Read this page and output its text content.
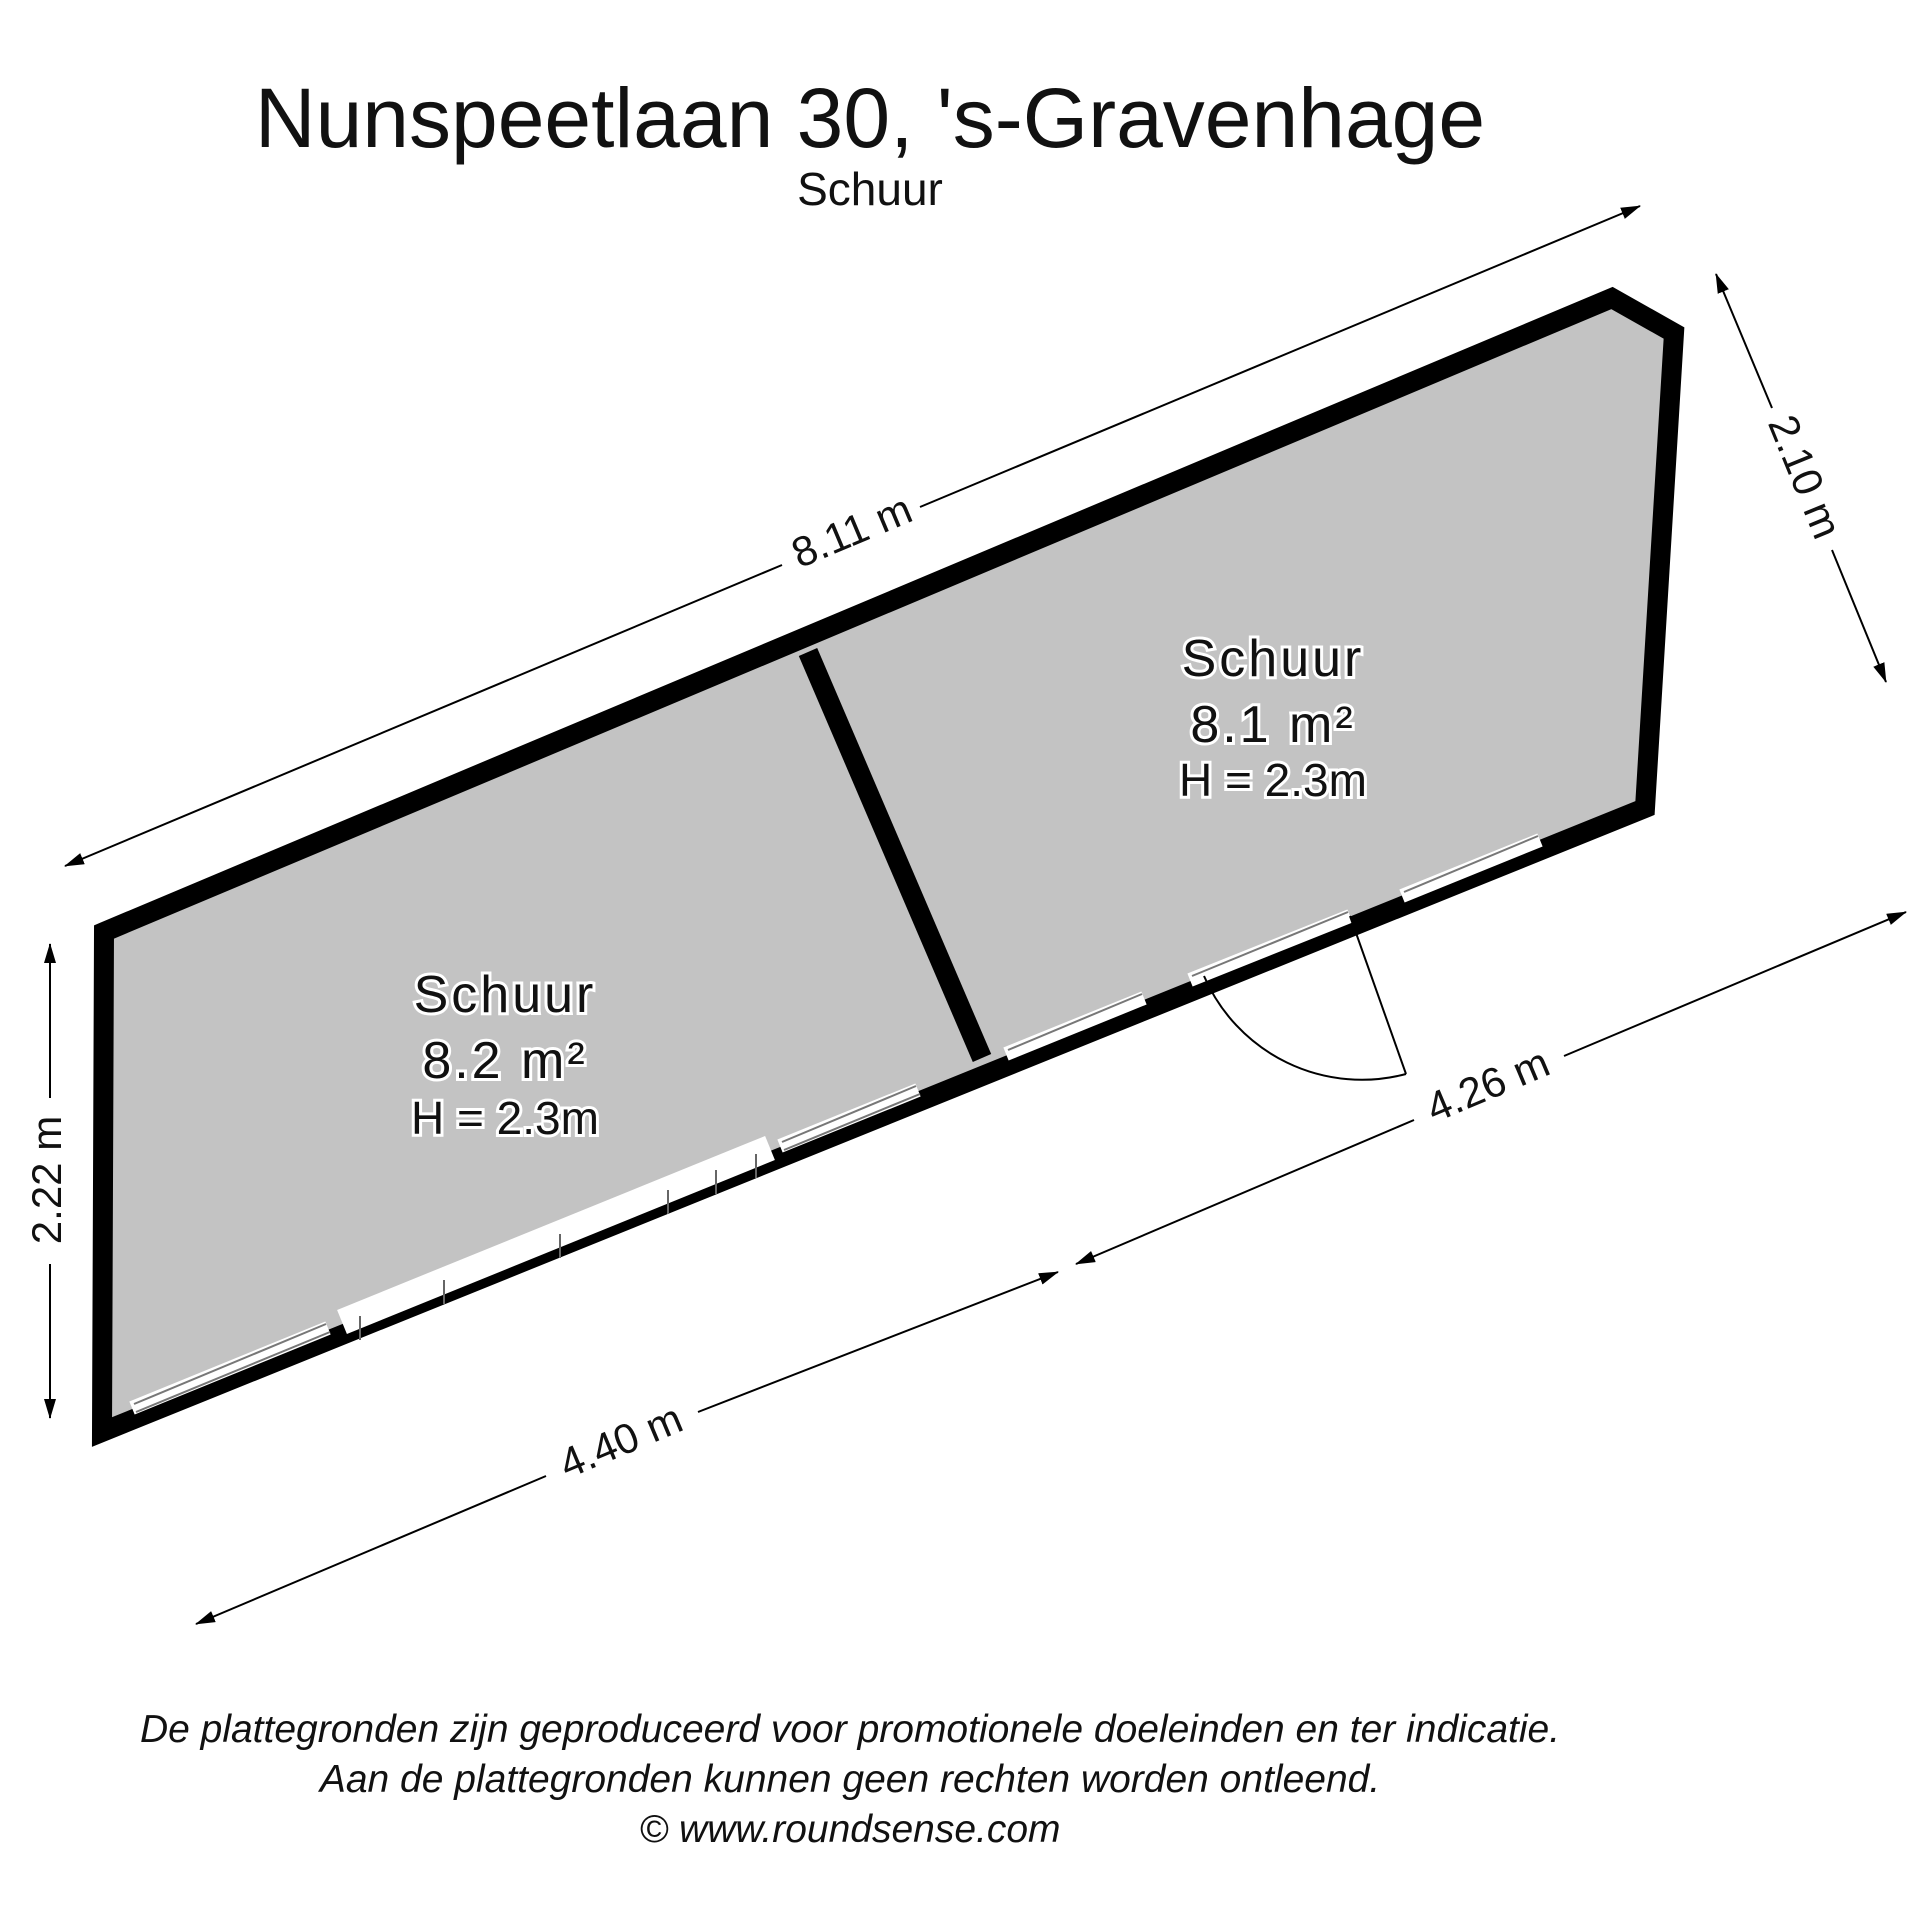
Nunspeetlaan 30, 's-Gravenhage
Schuur
Schuur
8.1 m²
H = 2.3m
Schuur
8.2 m²
H = 2.3m
8.11 m	2.10 m
2.22 m
4.26 m
4.40 m
De plattegronden zijn geproduceerd voor promotionele doeleinden en ter indicatie.
Aan de plattegronden kunnen geen rechten worden ontleend.
© www.roundsense.com
